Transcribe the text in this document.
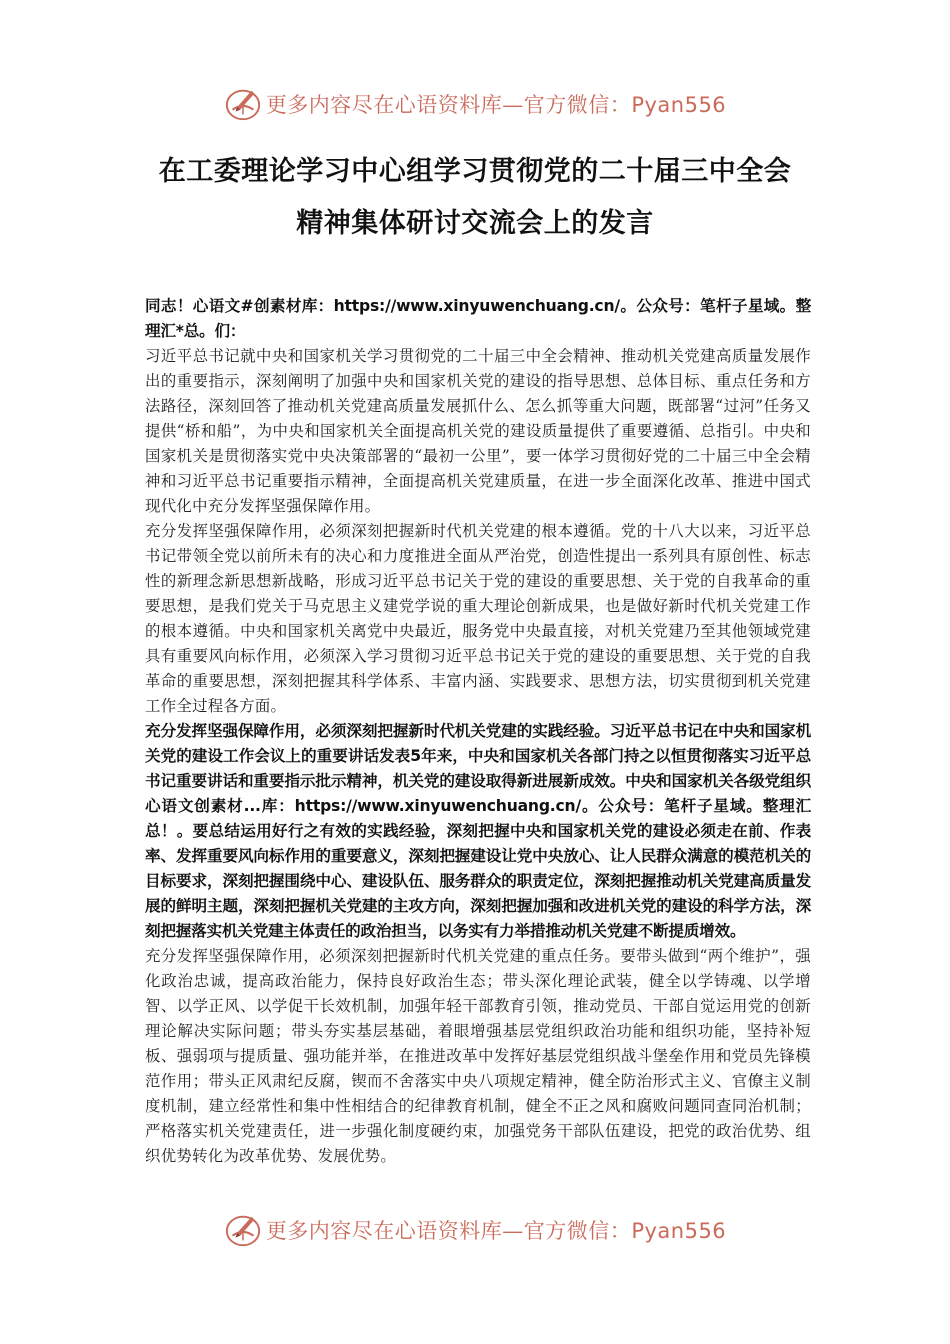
更多内容尽在心语资料库—官方微信：Pyan556
在工委理论学习中心组学习贯彻党的二十届三中全会
精神集体研讨交流会上的发言

同志！心语文#创素材库：https://www.xinyuwenchuang.cn/。公众号：笔杆子星域。整理汇*总。们：

习近平总书记就中央和国家机关学习贯彻党的二十届三中全会精神、推动机关党建高质量发展作出的重要指示，深刻阐明了加强中央和国家机关党的建设的指导思想、总体目标、重点任务和方法路径，深刻回答了推动机关党建高质量发展抓什么、怎么抓等重大问题，既部署“过河”任务又提供“桥和船”，为中央和国家机关全面提高机关党的建设质量提供了重要遵循、总指引。中央和国家机关是贯彻落实党中央决策部署的“最初一公里”，要一体学习贯彻好党的二十届三中全会精神和习近平总书记重要指示精神，全面提高机关党建质量，在进一步全面深化改革、推进中国式现代化中充分发挥坚强保障作用。

充分发挥坚强保障作用，必须深刻把握新时代机关党建的根本遵循。党的十八大以来，习近平总书记带领全党以前所未有的决心和力度推进全面从严治党，创造性提出一系列具有原创性、标志性的新理念新思想新战略，形成习近平总书记关于党的建设的重要思想、关于党的自我革命的重要思想，是我们党关于马克思主义建党学说的重大理论创新成果，也是做好新时代机关党建工作的根本遵循。中央和国家机关离党中央最近，服务党中央最直接，对机关党建乃至其他领域党建具有重要风向标作用，必须深入学习贯彻习近平总书记关于党的建设的重要思想、关于党的自我革命的重要思想，深刻把握其科学体系、丰富内涵、实践要求、思想方法，切实贯彻到机关党建工作全过程各方面。

充分发挥坚强保障作用，必须深刻把握新时代机关党建的实践经验。习近平总书记在中央和国家机关党的建设工作会议上的重要讲话发表5年来，中央和国家机关各部门持之以恒贯彻落实习近平总书记重要讲话和重要指示批示精神，机关党的建设取得新进展新成效。中央和国家机关各级党组织心语文创素材...库：https://www.xinyuwenchuang.cn/。公众号：笔杆子星域。整理汇总！。要总结运用好行之有效的实践经验，深刻把握中央和国家机关党的建设必须走在前、作表率、发挥重要风向标作用的重要意义，深刻把握建设让党中央放心、让人民群众满意的模范机关的目标要求，深刻把握围绕中心、建设队伍、服务群众的职责定位，深刻把握推动机关党建高质量发展的鲜明主题，深刻把握机关党建的主攻方向，深刻把握加强和改进机关党的建设的科学方法，深刻把握落实机关党建主体责任的政治担当，以务实有力举措推动机关党建不断提质增效。

充分发挥坚强保障作用，必须深刻把握新时代机关党建的重点任务。要带头做到“两个维护”，强化政治忠诚，提高政治能力，保持良好政治生态；带头深化理论武装，健全以学铸魂、以学增智、以学正风、以学促干长效机制，加强年轻干部教育引领，推动党员、干部自觉运用党的创新理论解决实际问题；带头夯实基层基础，着眼增强基层党组织政治功能和组织功能，坚持补短板、强弱项与提质量、强功能并举，在推进改革中发挥好基层党组织战斗堡垒作用和党员先锋模范作用；带头正风肃纪反腐，锲而不舍落实中央八项规定精神，健全防治形式主义、官僚主义制度机制，建立经常性和集中性相结合的纪律教育机制，健全不正之风和腐败问题同查同治机制；严格落实机关党建责任，进一步强化制度硬约束，加强党务干部队伍建设，把党的政治优势、组织优势转化为改革优势、发展优势。

更多内容尽在心语资料库—官方微信：Pyan556
